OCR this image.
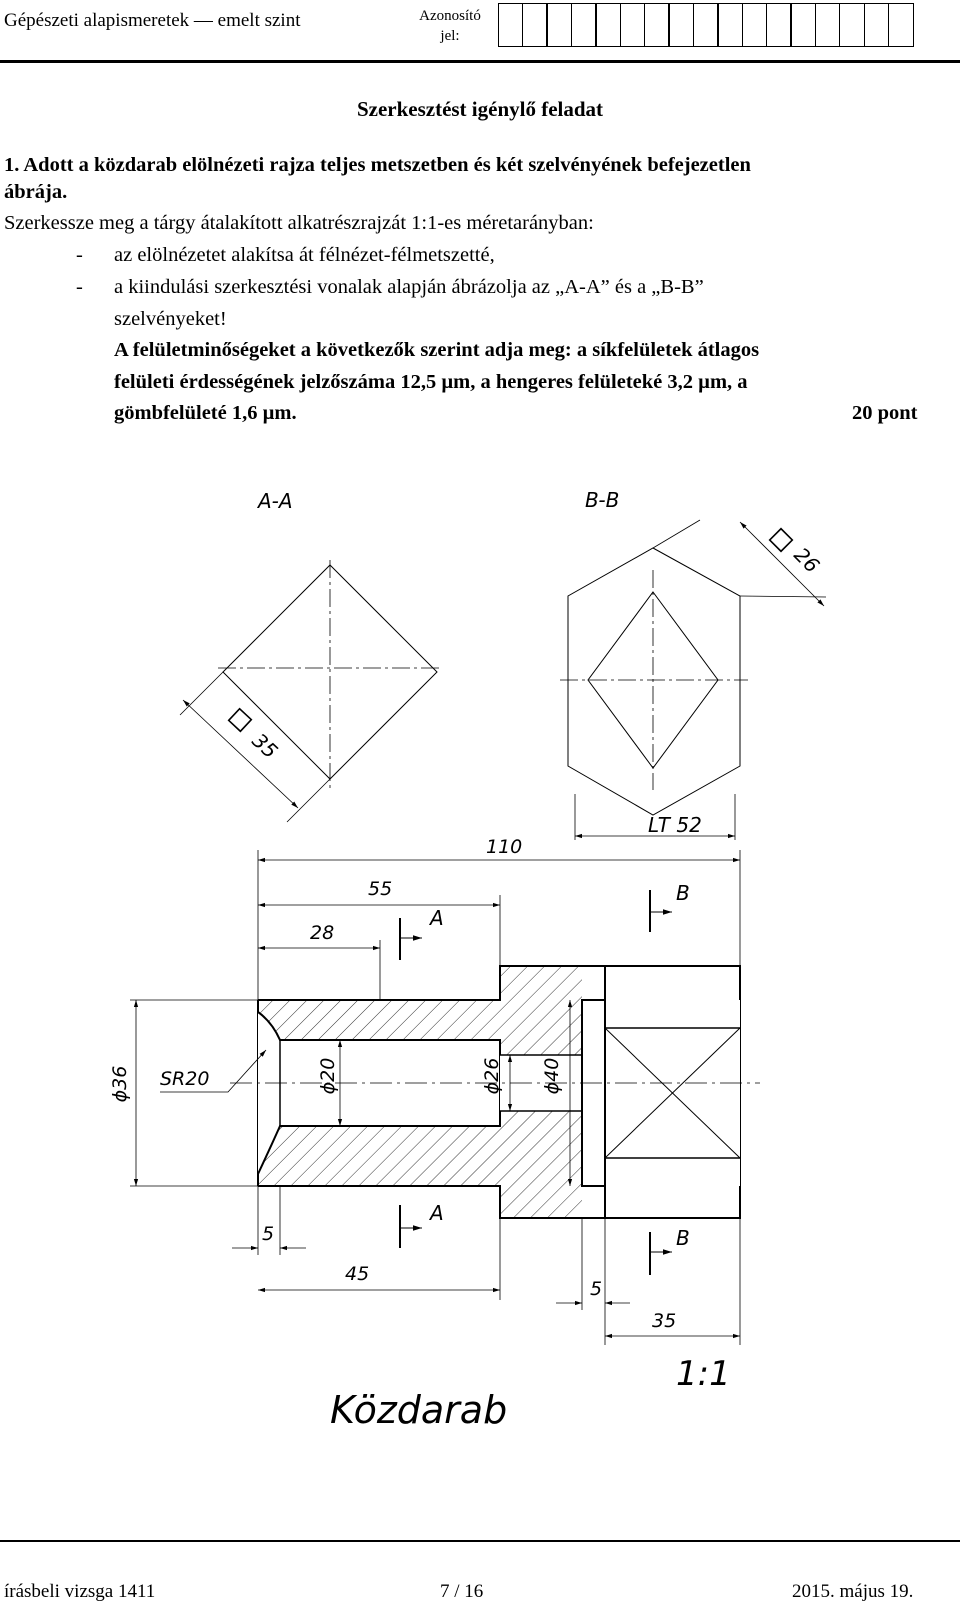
Gépészeti alapismeretek — emelt szint	Azonosító
jel:
Szerkesztést igénylő feladat
1. Adott a közdarab elölnézeti rajza teljes metszetben és két szelvényének befejezetlen
ábrája.
Szerkessze meg a tárgy átalakított alkatrészrajzát 1:1-es méretarányban:
- az elölnézetet alakítsa át félnézet-félmetszetté,
- a kiindulási szerkesztési vonalak alapján ábrázolja az „A-A” és a „B-B”
szelvényeket!
A felületminőségeket a következők szerint adja meg: a síkfelületek átlagos
felületi érdességének jelzőszáma 12,5 µm, a hengeres felületeké 3,2 µm, a
gömbfelületé 1,6 µm.	20 pont
A-A
35
B-B
26
LT 52
110
55
28
A
B
ϕ36 SR20	ϕ20	ϕ26 ϕ40
5
A
B
45
5
35
1:1
Közdarab
írásbeli vizsga 1411	7 / 16	2015. május 19.
